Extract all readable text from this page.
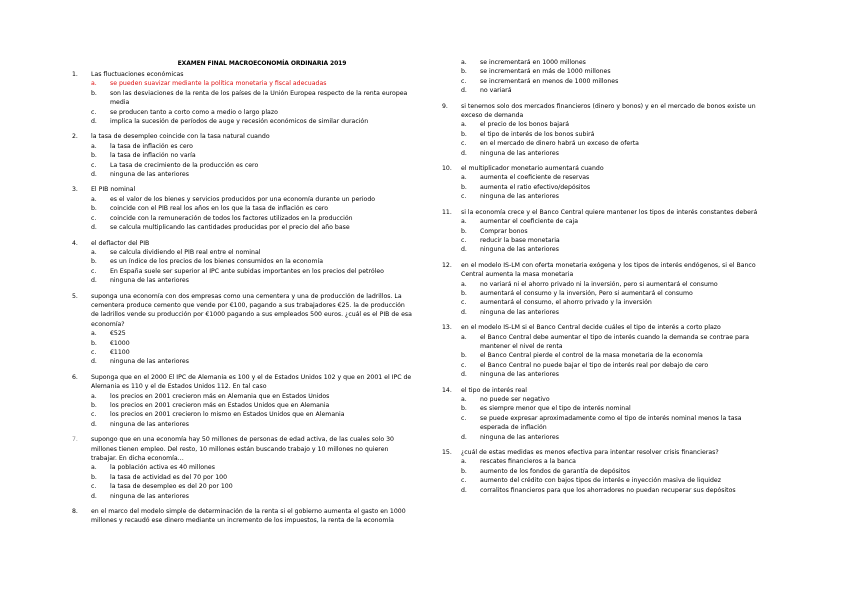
EXAMEN FINAL MACROECONOMÍA ORDINARIA 2019
1.	Las fluctuaciones económicas
a.	se pueden suavizar mediante la política monetaria y fiscal adecuadas
b.	son las desviaciones de la renta de los países de la Unión Europea respecto de la renta europea media
c.	se producen tanto a corto como a medio o largo plazo
d.	implica la sucesión de períodos de auge y recesión económicos de similar duración
2.	la tasa de desempleo coincide con la tasa natural cuando
a.	la tasa de inflación es cero
b.	la tasa de inflación no varía
c.	La tasa de crecimiento de la producción es cero
d.	ninguna de las anteriores
3.	El PIB nominal
a.	es el valor de los bienes y servicios producidos por una economía durante un periodo
b.	coincide con el PIB real los años en los que la tasa de inflación es cero
c.	coincide con la remuneración de todos los factores utilizados en la producción
d.	se calcula multiplicando las cantidades producidas por el precio del año base
4.	el deflactor del PIB
a.	se calcula dividiendo el PIB real entre el nominal
b.	es un índice de los precios de los bienes consumidos en la economía
c.	En España suele ser superior al IPC ante subidas importantes en los precios del petróleo
d.	ninguna de las anteriores
5.	suponga una economía con dos empresas como una cementera y una de producción de ladrillos. La cementera produce cemento que vende por €100, pagando a sus trabajadores €25. la de producción de ladrillos vende su producción por €1000 pagando a sus empleados 500 euros. ¿cuál es el PIB de esa economía?
a.	€525
b.	€1000
c.	€1100
d.	ninguna de las anteriores
6.	Suponga que en el 2000 El IPC de Alemania es 100 y el de Estados Unidos 102 y que en 2001 el IPC de Alemania es 110 y el de Estados Unidos 112. En tal caso
a.	los precios en 2001 crecieron más en Alemania que en Estados Unidos
b.	los precios en 2001 crecieron más en Estados Unidos que en Alemania
c.	los precios en 2001 crecieron lo mismo en Estados Unidos que en Alemania
d.	ninguna de las anteriores
7.	supongo que en una economía hay 50 millones de personas de edad activa, de las cuales solo 30 millones tienen empleo. Del resto, 10 millones están buscando trabajo y 10 millones no quieren trabajar. En dicha economía…
a.	la población activa es 40 millones
b.	la tasa de actividad es del 70 por 100
c.	la tasa de desempleo es del 20 por 100
d.	ninguna de las anteriores
8.	en el marco del modelo simple de determinación de la renta si el gobierno aumenta el gasto en 1000 millones y recaudó ese dinero mediante un incremento de los impuestos, la renta de la economía
a.	se incrementará en 1000 millones
b.	se incrementará en más de 1000 millones
c.	se incrementará en menos de 1000 millones
d.	no variará
9.	si tenemos solo dos mercados financieros (dinero y bonos) y en el mercado de bonos existe un exceso de demanda
a.	el precio de los bonos bajará
b.	el tipo de interés de los bonos subirá
c.	en el mercado de dinero habrá un exceso de oferta
d.	ninguna de las anteriores
10.	el multiplicador monetario aumentará cuando
a.	aumenta el coeficiente de reservas
b.	aumenta el ratio efectivo/depósitos
c.	ninguna de las anteriores
11.	si la economía crece y el Banco Central quiere mantener los tipos de interés constantes deberá
a.	aumentar el coeficiente de caja
b.	Comprar bonos
c.	reducir la base monetaria
d.	ninguna de las anteriores
12.	en el modelo IS-LM con oferta monetaria exógena y los tipos de interés endógenos, si el Banco Central aumenta la masa monetaria
a.	no variará ni el ahorro privado ni la inversión, pero si aumentará el consumo
b.	aumentará el consumo y la inversión, Pero si aumentará el consumo
c.	aumentará el consumo, el ahorro privado y la inversión
d.	ninguna de las anteriores
13.	en el modelo IS-LM si el Banco Central decide cuáles el tipo de interés a corto plazo
a.	el Banco Central debe aumentar el tipo de interés cuando la demanda se contrae para mantener el nivel de renta
b.	el Banco Central pierde el control de la masa monetaria de la economía
c.	el Banco Central no puede bajar el tipo de interés real por debajo de cero
d.	ninguna de las anteriores
14.	el tipo de interés real
a.	no puede ser negativo
b.	es siempre menor que el tipo de interés nominal
c.	se puede expresar aproximadamente como el tipo de interés nominal menos la tasa esperada de inflación
d.	ninguna de las anteriores
15.	¿cuál de estas medidas es menos efectiva para intentar resolver crisis financieras?
a.	rescates financieros a la banca
b.	aumento de los fondos de garantía de depósitos
c.	aumento del crédito con bajos tipos de interés e inyección masiva de liquidez
d.	corralitos financieros para que los ahorradores no puedan recuperar sus depósitos
